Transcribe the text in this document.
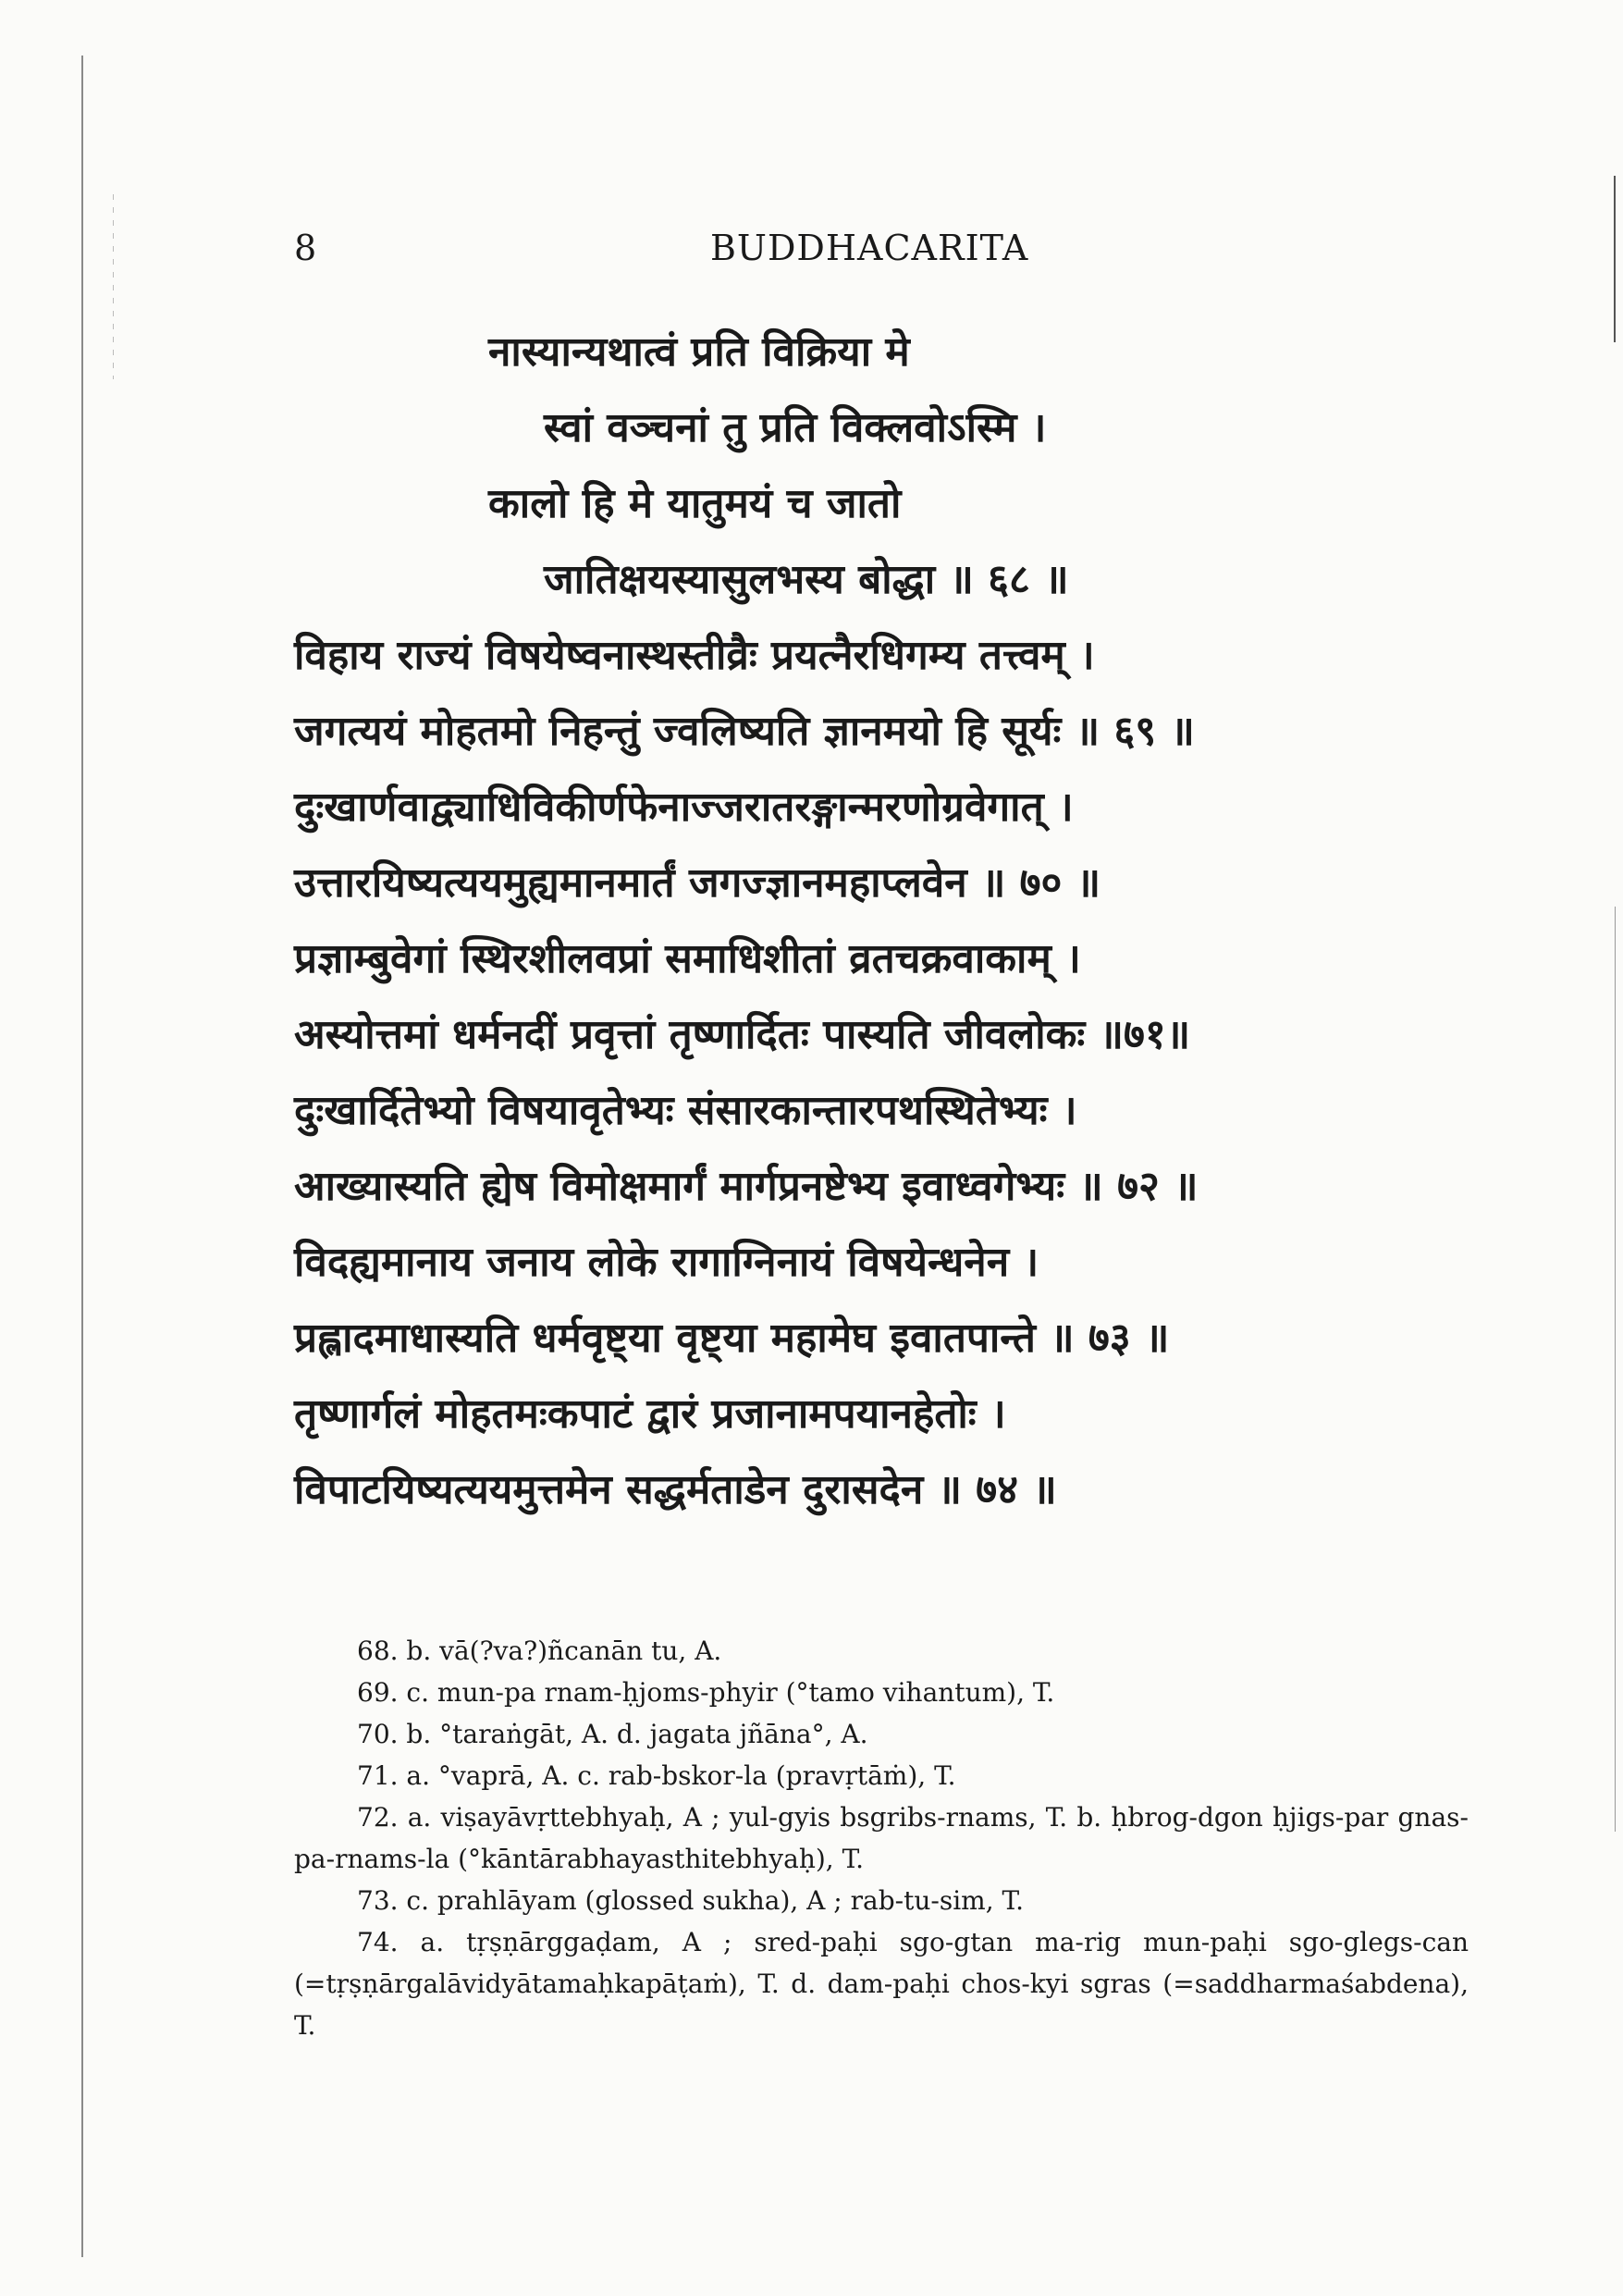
8	BUDDHACARITA
नास्यान्यथात्वं प्रति विक्रिया मे
स्वां वञ्चनां तु प्रति विक्लवोऽस्मि ।
कालो हि मे यातुमयं च जातो
जातिक्षयस्यासुलभस्य बोद्धा ॥ ६८ ॥
विहाय राज्यं विषयेष्वनास्थस्तीव्रैः प्रयत्नैरधिगम्य तत्त्वम् ।
जगत्ययं मोहतमो निहन्तुं ज्वलिष्यति ज्ञानमयो हि सूर्यः ॥ ६९ ॥
दुःखार्णवाद्व्याधिविकीर्णफेनाज्जरातरङ्गान्मरणोग्रवेगात् ।
उत्तारयिष्यत्ययमुह्यमानमार्तं जगज्ज्ञानमहाप्लवेन ॥ ७० ॥
प्रज्ञाम्बुवेगां स्थिरशीलवप्रां समाधिशीतां व्रतचक्रवाकाम् ।
अस्योत्तमां धर्मनदीं प्रवृत्तां तृष्णार्दितः पास्यति जीवलोकः ॥७१॥
दुःखार्दितेभ्यो विषयावृतेभ्यः संसारकान्तारपथस्थितेभ्यः ।
आख्यास्यति ह्येष विमोक्षमार्गं मार्गप्रनष्टेभ्य इवाध्वगेभ्यः ॥ ७२ ॥
विदह्यमानाय जनाय लोके रागाग्निनायं विषयेन्धनेन ।
प्रह्लादमाधास्यति धर्मवृष्ट्या वृष्ट्या महामेघ इवातपान्ते ॥ ७३ ॥
तृष्णार्गलं मोहतमःकपाटं द्वारं प्रजानामपयानहेतोः ।
विपाटयिष्यत्ययमुत्तमेन सद्धर्मताडेन दुरासदेन ॥ ७४ ॥
68. b. vā(?va?)ñcanān tu, A.
69. c. mun-pa rnam-ḥjoms-phyir (°tamo vihantum), T.
70. b. °taraṅgāt, A. d. jagata jñāna°, A.
71. a. °vaprā, A. c. rab-bskor-la (pravṛtāṁ), T.
72. a. viṣayāvṛttebhyaḥ, A ; yul-gyis bsgribs-rnams, T. b. ḥbrog-dgon ḥjigs-par gnas-pa-rnams-la (°kāntārabhayasthitebhyaḥ), T.
73. c. prahlāyam (glossed sukha), A ; rab-tu-sim, T.
74. a. tṛṣṇārggaḍam, A ; sred-paḥi sgo-gtan ma-rig mun-paḥi sgo-glegs-can (=tṛṣṇārgalāvidyātamaḥkapāṭaṁ), T. d. dam-paḥi chos-kyi sgras (=saddharmaśabdena), T.
